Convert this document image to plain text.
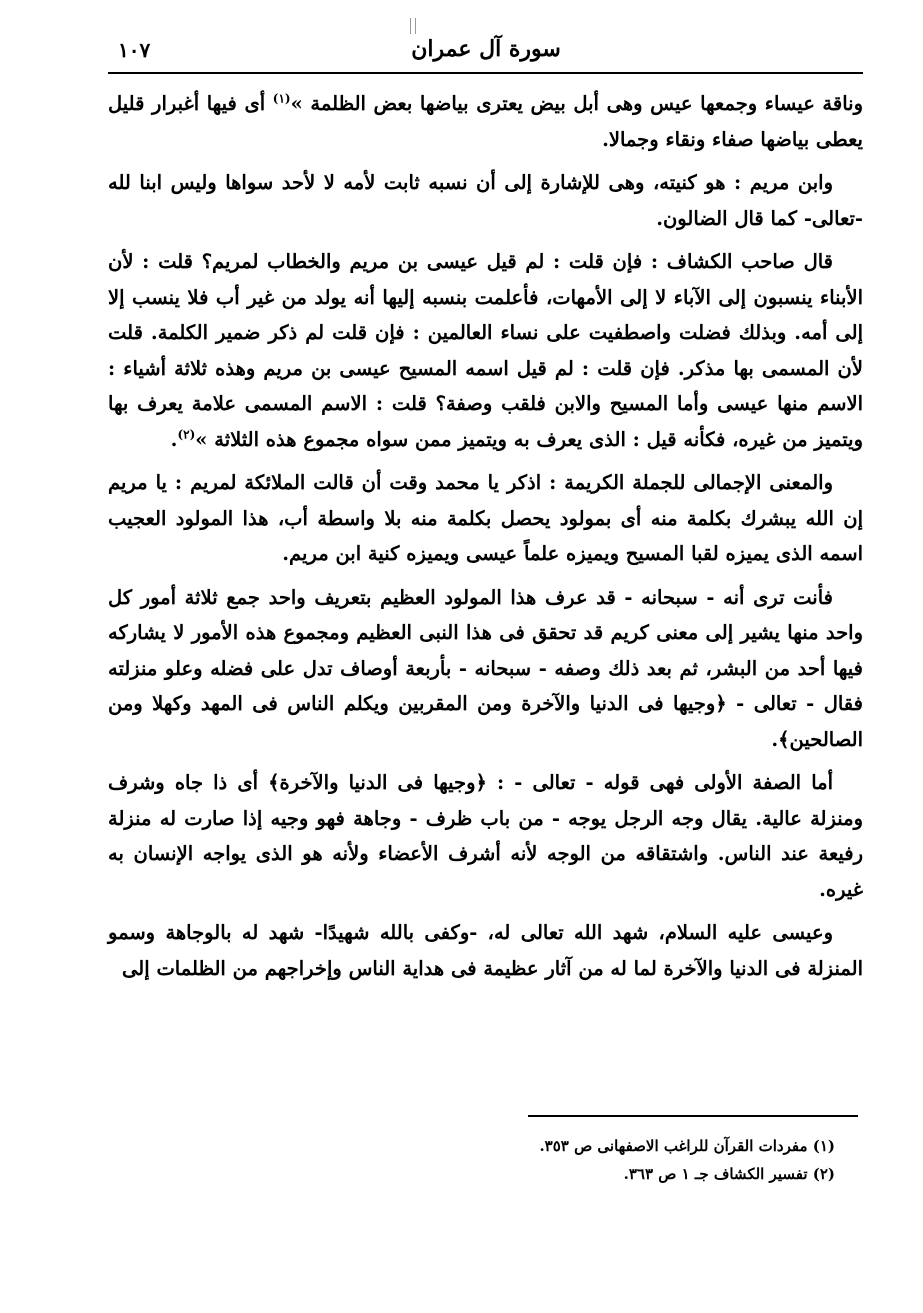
سورة آل عمران
١٠٧

وناقة عيساء وجمعها عيس وهى أبل بيض يعترى بياضها بعض الظلمة »$^{(١)}$ أى فيها أغبرار قليل يعطى بياضها صفاء ونقاء وجمالا.

وابن مريم : هو كنيته، وهى للإشارة إلى أن نسبه ثابت لأمه لا لأحد سواها وليس ابنا لله -تعالى- كما قال الضالون.

قال صاحب الكشاف : فإن قلت : لم قيل عيسى بن مريم والخطاب لمريم؟ قلت : لأن الأبناء ينسبون إلى الآباء لا إلى الأمهات، فأعلمت بنسبه إليها أنه يولد من غير أب فلا ينسب إلا إلى أمه. وبذلك فضلت واصطفيت على نساء العالمين : فإن قلت لم ذكر ضمير الكلمة. قلت لأن المسمى بها مذكر. فإن قلت : لم قيل اسمه المسيح عيسى بن مريم وهذه ثلاثة أشياء : الاسم منها عيسى وأما المسيح والابن فلقب وصفة؟ قلت : الاسم المسمى علامة يعرف بها ويتميز من غيره، فكأنه قيل : الذى يعرف به ويتميز ممن سواه مجموع هذه الثلاثة »$^{(٢)}$.

والمعنى الإجمالى للجملة الكريمة : اذكر يا محمد وقت أن قالت الملائكة لمريم : يا مريم إن الله يبشرك بكلمة منه أى بمولود يحصل بكلمة منه بلا واسطة أب، هذا المولود العجيب اسمه الذى يميزه لقبا المسيح ويميزه علماً عيسى ويميزه كنية ابن مريم.

فأنت ترى أنه - سبحانه - قد عرف هذا المولود العظيم بتعريف واحد جمع ثلاثة أمور كل واحد منها يشير إلى معنى كريم قد تحقق فى هذا النبى العظيم ومجموع هذه الأمور لا يشاركه فيها أحد من البشر، ثم بعد ذلك وصفه - سبحانه - بأربعة أوصاف تدل على فضله وعلو منزلته فقال - تعالى - ﴿وجيها فى الدنيا والآخرة ومن المقربين ويكلم الناس فى المهد وكهلا ومن الصالحين﴾.

أما الصفة الأولى فهى قوله - تعالى - : ﴿وجيها فى الدنيا والآخرة﴾ أى ذا جاه وشرف ومنزلة عالية. يقال وجه الرجل يوجه - من باب ظرف - وجاهة فهو وجيه إذا صارت له منزلة رفيعة عند الناس. واشتقاقه من الوجه لأنه أشرف الأعضاء ولأنه هو الذى يواجه الإنسان به غيره.

وعيسى عليه السلام، شهد الله تعالى له، -وكفى بالله شهيدًا- شهد له بالوجاهة وسمو المنزلة فى الدنيا والآخرة لما له من آثار عظيمة فى هداية الناس وإخراجهم من الظلمات إلى

(١) مفردات القرآن للراغب الاصفهانى ص ٣٥٣.

(٢) تفسير الكشاف جـ ١ ص ٣٦٣.
